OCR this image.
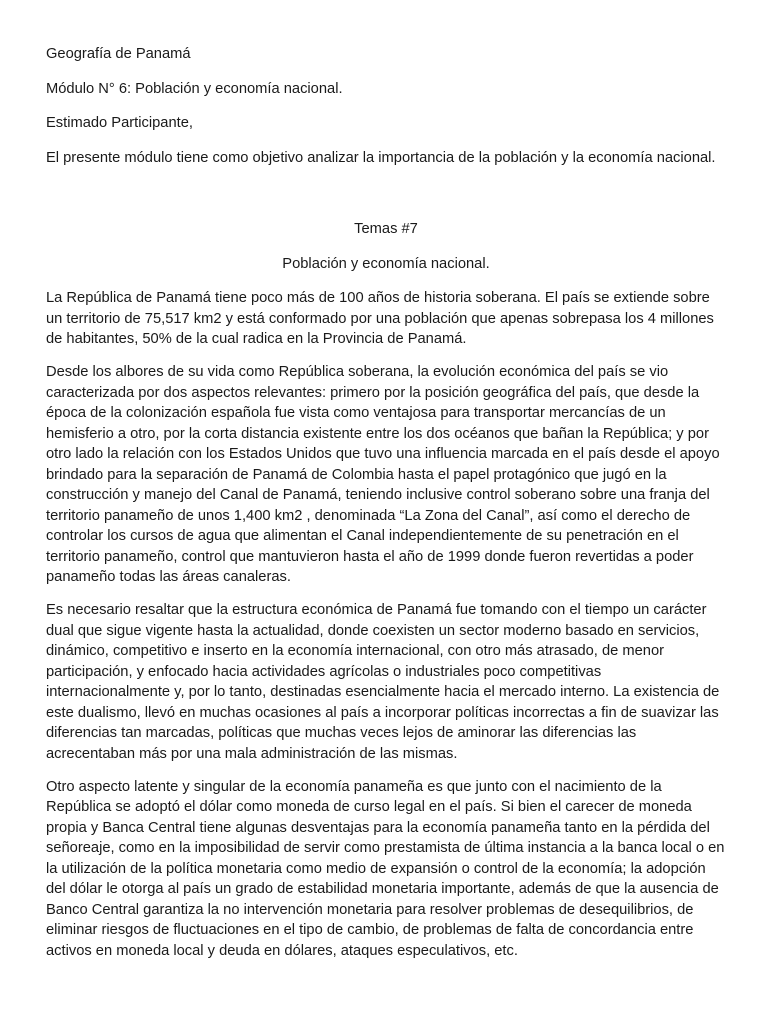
Geografía de Panamá
Módulo N° 6: Población y economía nacional.
Estimado Participante,
El presente módulo tiene como objetivo analizar la importancia de la población y la economía nacional.
Temas #7
Población y economía nacional.

La República de Panamá tiene poco más de 100 años de historia soberana. El país se extiende sobre un territorio de 75,517 km2 y está conformado por una población que apenas sobrepasa los 4 millones de habitantes, 50% de la cual radica en la Provincia de Panamá.

Desde los albores de su vida como República soberana, la evolución económica del país se vio caracterizada por dos aspectos relevantes: primero por la posición geográfica del país, que desde la época de la colonización española fue vista como ventajosa para transportar mercancías de un hemisferio a otro, por la corta distancia existente entre los dos océanos que bañan la República; y por otro lado la relación con los Estados Unidos que tuvo una influencia marcada en el país desde el apoyo brindado para la separación de Panamá de Colombia hasta el papel protagónico que jugó en la construcción y manejo del Canal de Panamá, teniendo inclusive control soberano sobre una franja del territorio panameño de unos 1,400 km2 , denominada “La Zona del Canal”, así como el derecho de controlar los cursos de agua que alimentan el Canal independientemente de su penetración en el territorio panameño, control que mantuvieron hasta el año de 1999 donde fueron revertidas a poder panameño todas las áreas canaleras.

Es necesario resaltar que la estructura económica de Panamá fue tomando con el tiempo un carácter dual que sigue vigente hasta la actualidad, donde coexisten un sector moderno basado en servicios, dinámico, competitivo e inserto en la economía internacional, con otro más atrasado, de menor participación, y enfocado hacia actividades agrícolas o industriales poco competitivas internacionalmente y, por lo tanto, destinadas esencialmente hacia el mercado interno. La existencia de este dualismo, llevó en muchas ocasiones al país a incorporar políticas incorrectas a fin de suavizar las diferencias tan marcadas, políticas que muchas veces lejos de aminorar las diferencias las acrecentaban más por una mala administración de las mismas.

Otro aspecto latente y singular de la economía panameña es que junto con el nacimiento de la República se adoptó el dólar como moneda de curso legal en el país. Si bien el carecer de moneda propia y Banca Central tiene algunas desventajas para la economía panameña tanto en la pérdida del señoreaje, como en la imposibilidad de servir como prestamista de última instancia a la banca local o en la utilización de la política monetaria como medio de expansión o control de la economía; la adopción del dólar le otorga al país un grado de estabilidad monetaria importante, además de que la ausencia de Banco Central garantiza la no intervención monetaria para resolver problemas de desequilibrios, de eliminar riesgos de fluctuaciones en el tipo de cambio, de problemas de falta de concordancia entre activos en moneda local y deuda en dólares, ataques especulativos, etc.
